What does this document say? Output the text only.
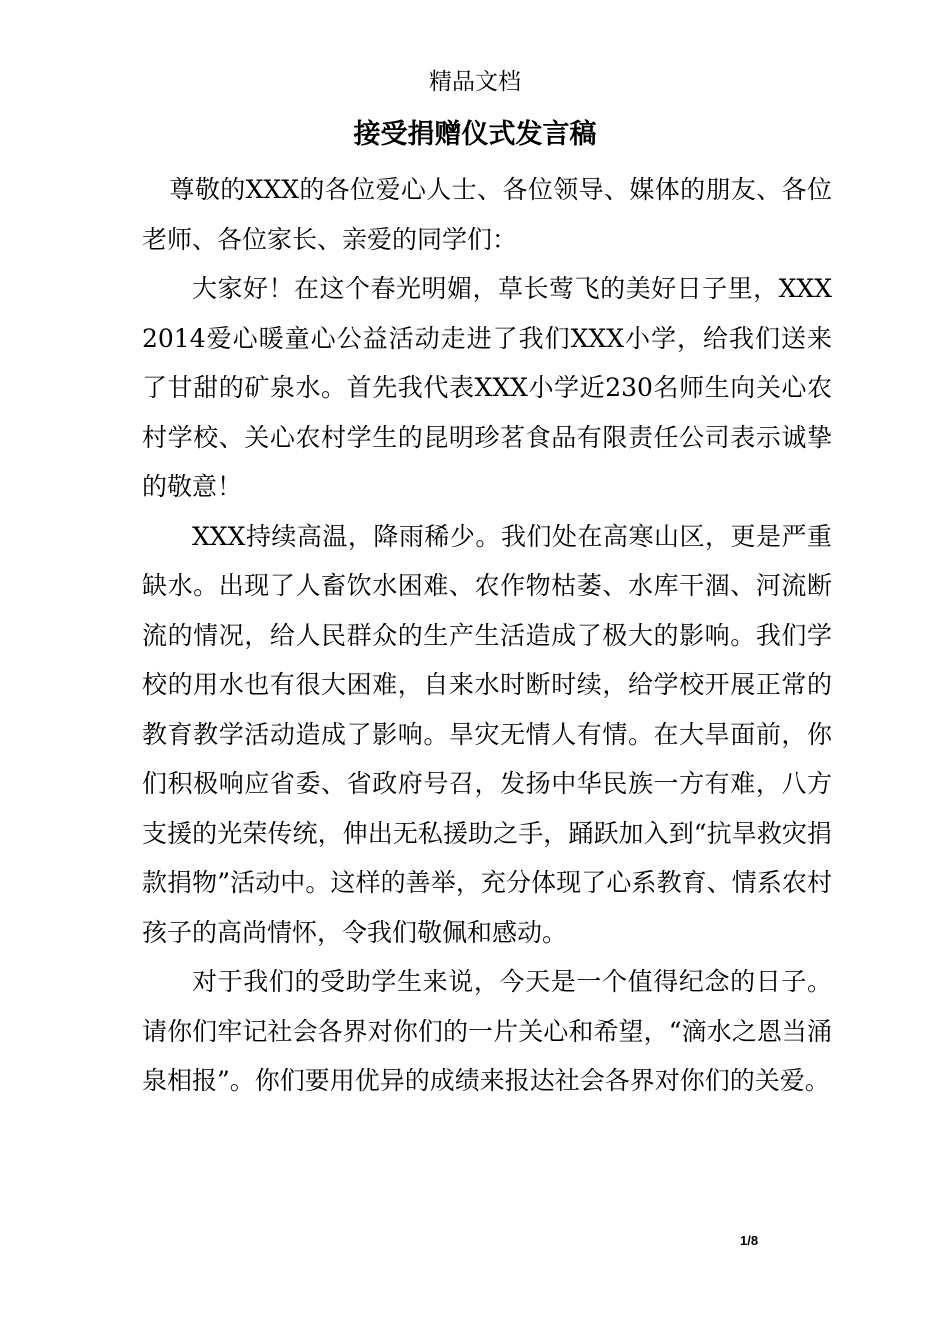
精品文档
接受捐赠仪式发言稿

尊敬的XXX的各位爱心人士、各位领导、媒体的朋友、各位老师、各位家长、亲爱的同学们：

大家好！在这个春光明媚，草长莺飞的美好日子里，XXX2014爱心暖童心公益活动走进了我们XXX小学，给我们送来了甘甜的矿泉水。首先我代表XXX小学近230名师生向关心农村学校、关心农村学生的昆明珍茗食品有限责任公司表示诚挚的敬意！

XXX持续高温，降雨稀少。我们处在高寒山区，更是严重缺水。出现了人畜饮水困难、农作物枯萎、水库干涸、河流断流的情况，给人民群众的生产生活造成了极大的影响。我们学校的用水也有很大困难，自来水时断时续，给学校开展正常的教育教学活动造成了影响。旱灾无情人有情。在大旱面前，你们积极响应省委、省政府号召，发扬中华民族一方有难，八方支援的光荣传统，伸出无私援助之手，踊跃加入到“抗旱救灾捐款捐物”活动中。这样的善举，充分体现了心系教育、情系农村孩子的高尚情怀，令我们敬佩和感动。

对于我们的受助学生来说，今天是一个值得纪念的日子。请你们牢记社会各界对你们的一片关心和希望，“滴水之恩当涌泉相报”。你们要用优异的成绩来报达社会各界对你们的关爱。

1/8
